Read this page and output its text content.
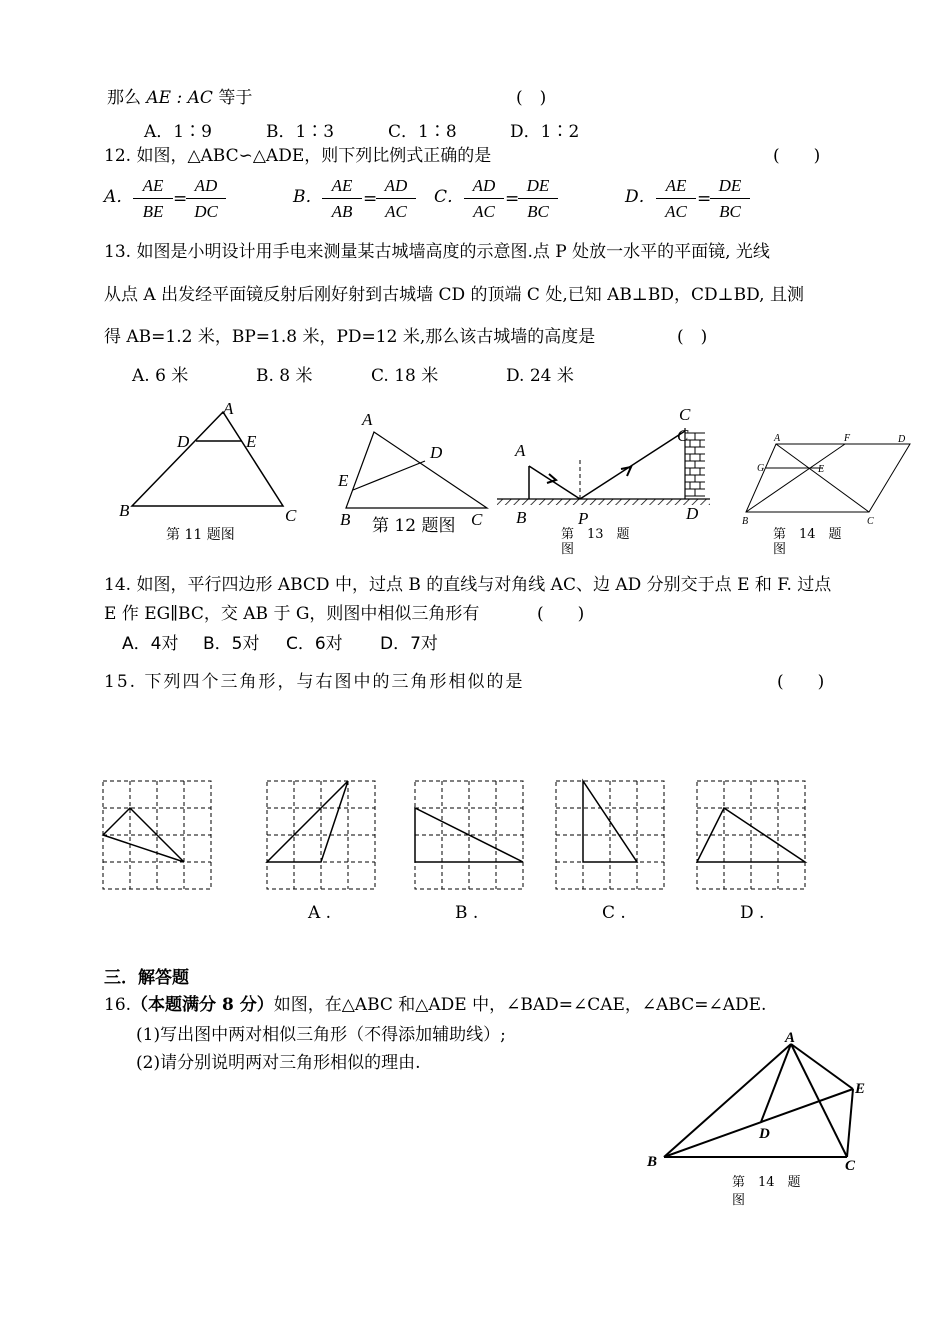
那么 AE : AC 等于	(　)
A．1∶9	B．1∶3	C．1∶8	D．1∶2
12. 如图，△ABC∽△ADE，则下列比例式正确的是	(　　)
A． $\frac{AE}{BE}$ =
$\frac{AD}{DC}$	B． $\frac{AE}{AB}$ =
$\frac{AD}{AC}$ C． $\frac{AD}{AC}$ =
$\frac{DE}{BC}$	D． $\frac{AE}{AC}$ =
$\frac{DE}{BC}$
13. 如图是小明设计用手电来测量某古城墙高度的示意图.点 P 处放一水平的平面镜, 光线
从点 A 出发经平面镜反射后刚好射到古城墙 CD 的顶端 C 处,已知 AB⊥BD，CD⊥BD, 且测
得 AB=1.2 米，BP=1.8 米，PD=12 米,那么该古城墙的高度是	(　)
A. 6 米	B. 8 米	C. 18 米	D. 24 米
A
D	E
B	C
第 11 题图
A
D
E
B	C
第 12 题图
A
B	P
C
C
D
第　13　题
图
A	F	D
G	E
B	C
第　14　题
图
14. 如图，平行四边形 ABCD 中，过点 B 的直线与对角线 AC、边 AD 分别交于点 E 和 F. 过点
E 作 EG∥BC，交 AB 于 G，则图中相似三角形有	(　　)
A．4对 B．5对 C．6对 D．7对
15. 下列四个三角形，与右图中的三角形相似的是	(　　)
A .	B .	C .	D .
三．解答题
16.（本题满分 8 分）如图，在△ABC 和△ADE 中，∠BAD=∠CAE，∠ABC=∠ADE.
(1)写出图中两对相似三角形（不得添加辅助线）;
(2)请分别说明两对三角形相似的理由.
A
E
D
B	C
第　14　题
图
